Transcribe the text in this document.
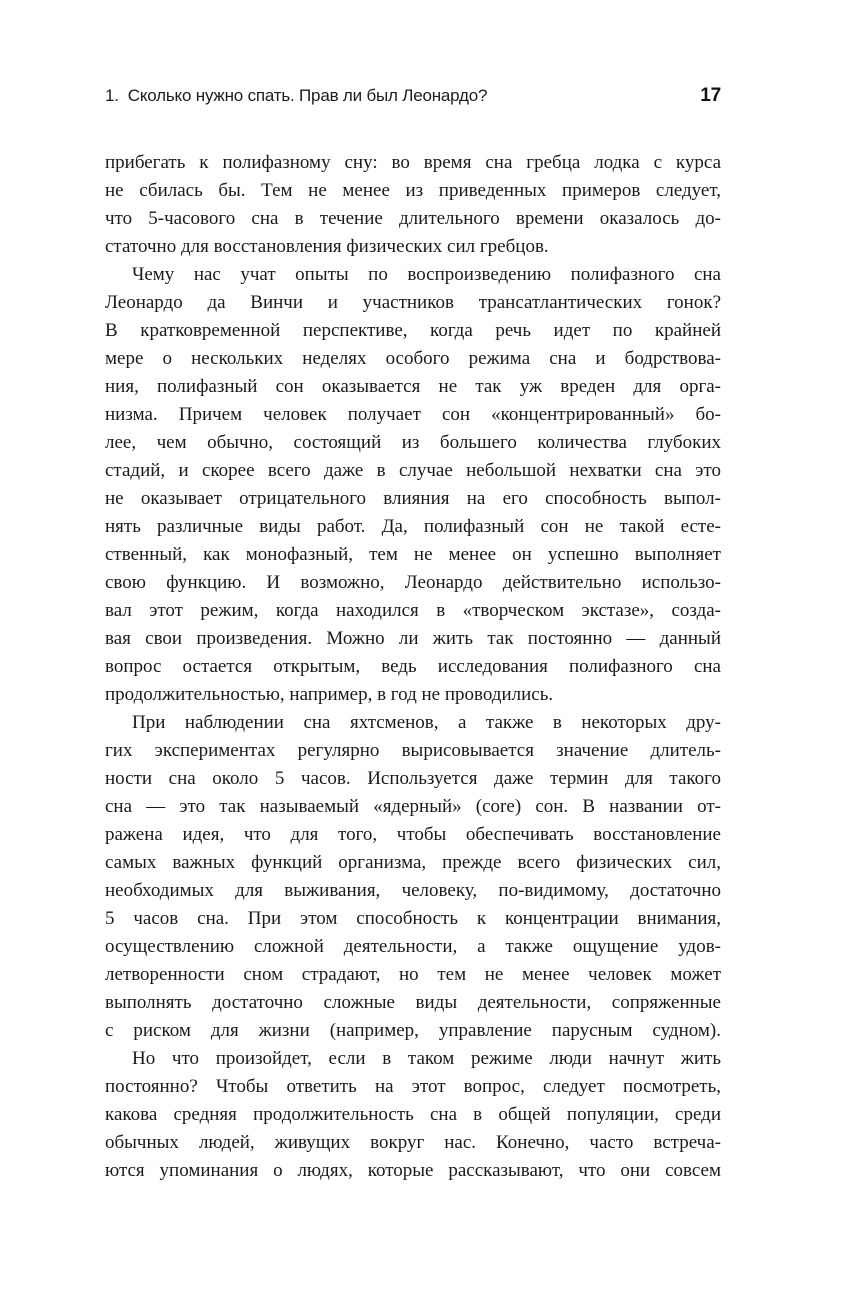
1. Сколько нужно спать. Прав ли был Леонардо?	17
прибегать к полифазному сну: во время сна гребца лодка с курса
не сбилась бы. Тем не менее из приведенных примеров следует,
что 5-часового сна в течение длительного времени оказалось до-
статочно для восстановления физических сил гребцов.
Чему нас учат опыты по воспроизведению полифазного сна
Леонардо да Винчи и участников трансатлантических гонок?
В кратковременной перспективе, когда речь идет по крайней
мере о нескольких неделях особого режима сна и бодрствова-
ния, полифазный сон оказывается не так уж вреден для орга-
низма. Причем человек получает сон «концентрированный» бо-
лее, чем обычно, состоящий из большего количества глубоких
стадий, и скорее всего даже в случае небольшой нехватки сна это
не оказывает отрицательного влияния на его способность выпол-
нять различные виды работ. Да, полифазный сон не такой есте-
ственный, как монофазный, тем не менее он успешно выполняет
свою функцию. И возможно, Леонардо действительно использо-
вал этот режим, когда находился в «творческом экстазе», созда-
вая свои произведения. Можно ли жить так постоянно — данный
вопрос остается открытым, ведь исследования полифазного сна
продолжительностью, например, в год не проводились.
При наблюдении сна яхтсменов, а также в некоторых дру-
гих экспериментах регулярно вырисовывается значение длитель-
ности сна около 5 часов. Используется даже термин для такого
сна — это так называемый «ядерный» (core) сон. В названии от-
ражена идея, что для того, чтобы обеспечивать восстановление
самых важных функций организма, прежде всего физических сил,
необходимых для выживания, человеку, по-видимому, достаточно
5 часов сна. При этом способность к концентрации внимания,
осуществлению сложной деятельности, а также ощущение удов-
летворенности сном страдают, но тем не менее человек может
выполнять достаточно сложные виды деятельности, сопряженные
с риском для жизни (например, управление парусным судном).
Но что произойдет, если в таком режиме люди начнут жить
постоянно? Чтобы ответить на этот вопрос, следует посмотреть,
какова средняя продолжительность сна в общей популяции, среди
обычных людей, живущих вокруг нас. Конечно, часто встреча-
ются упоминания о людях, которые рассказывают, что они совсем
